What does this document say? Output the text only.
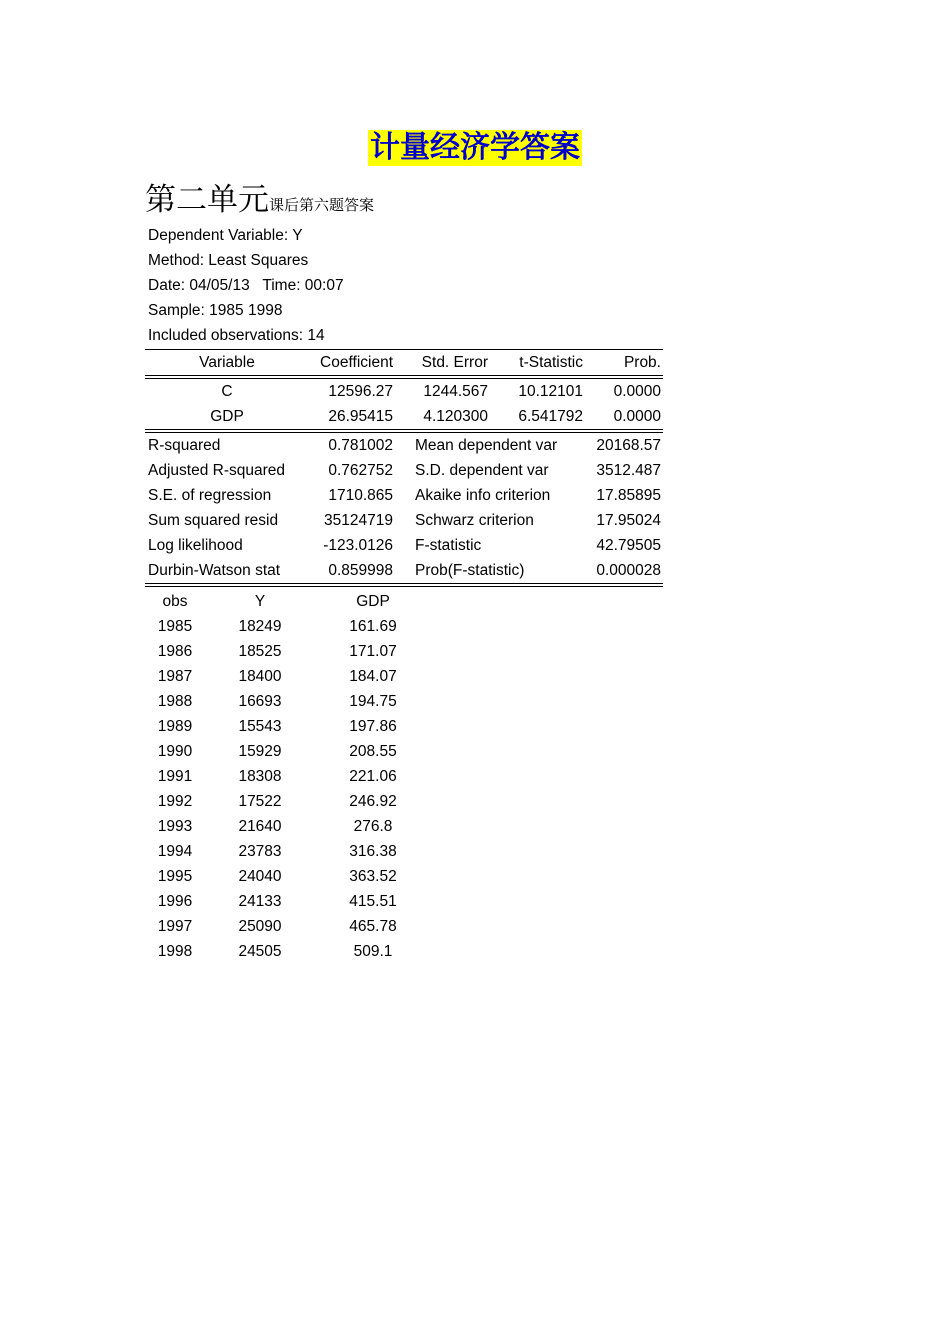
计量经济学答案
第二单元课后第六题答案
Dependent Variable: Y
Method: Least Squares
Date: 04/05/13   Time: 00:07
Sample: 1985 1998
Included observations: 14
Variable	Coefficient Std. Error t-Statistic	Prob.
C	12596.27 1244.567 10.12101 0.0000
GDP	26.95415 4.120300 6.541792 0.0000
R-squared	0.781002 Mean dependent var	20168.57
Adjusted R-squared	0.762752 S.D. dependent var	3512.487
S.E. of regression	1710.865 Akaike info criterion	17.85895
Sum squared resid	35124719 Schwarz criterion	17.95024
Log likelihood	-123.0126 F-statistic	42.79505
Durbin-Watson stat	0.859998 Prob(F-statistic)	0.000028
obs	Y	GDP
1985	18249	161.69
1986	18525	171.07
1987	18400	184.07
1988	16693	194.75
1989	15543	197.86
1990	15929	208.55
1991	18308	221.06
1992	17522	246.92
1993	21640	276.8
1994	23783	316.38
1995	24040	363.52
1996	24133	415.51
1997	25090	465.78
1998	24505	509.1
